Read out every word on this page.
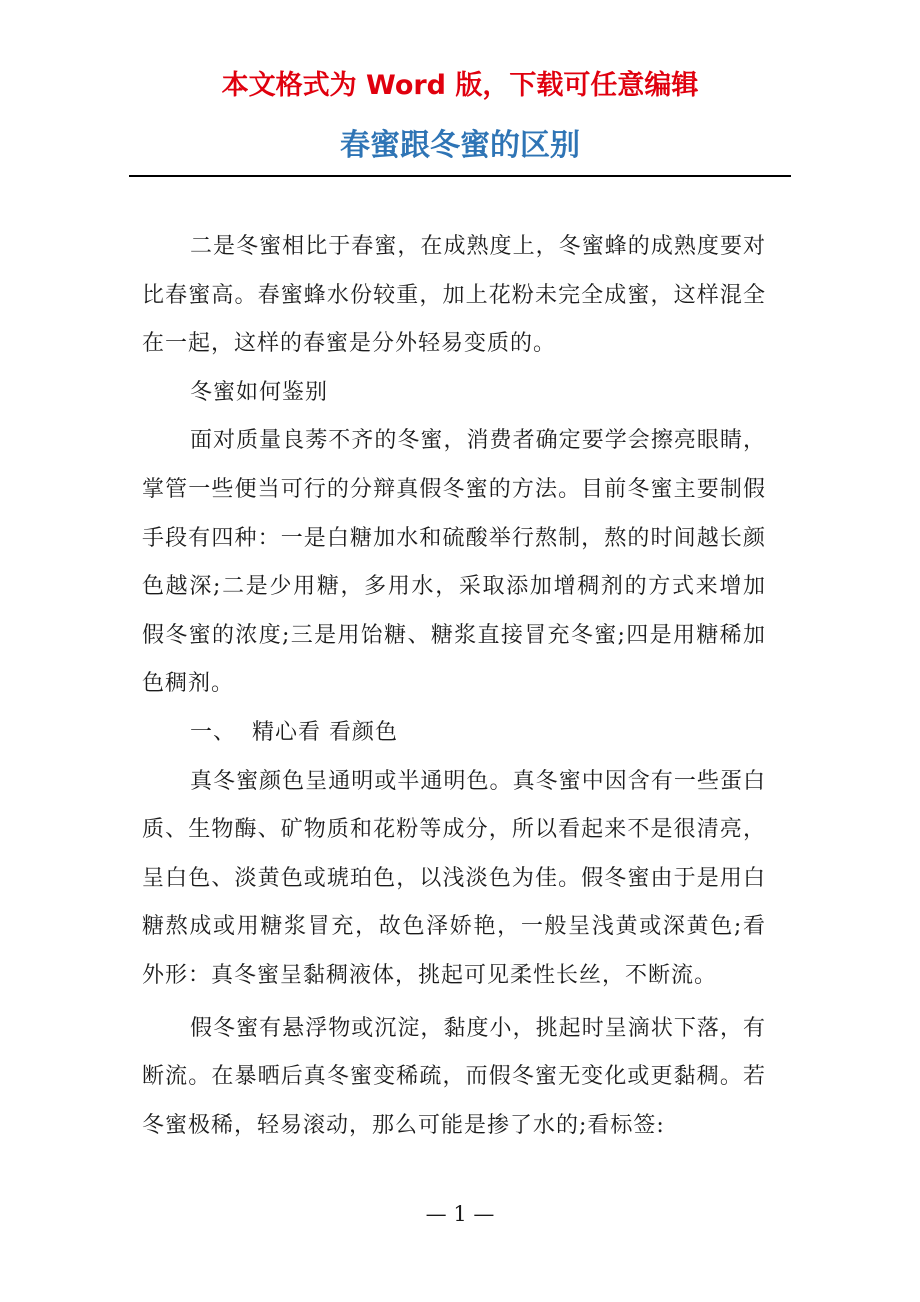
本文格式为 Word 版，下载可任意编辑

春蜜跟冬蜜的区别

二是冬蜜相比于春蜜，在成熟度上，冬蜜蜂的成熟度要对比春蜜高。春蜜蜂水份较重，加上花粉未完全成蜜，这样混全在一起，这样的春蜜是分外轻易变质的。

冬蜜如何鉴别

面对质量良莠不齐的冬蜜，消费者确定要学会擦亮眼睛，掌管一些便当可行的分辩真假冬蜜的方法。目前冬蜜主要制假手段有四种：一是白糖加水和硫酸举行熬制，熬的时间越长颜色越深;二是少用糖，多用水，采取添加增稠剂的方式来增加假冬蜜的浓度;三是用饴糖、糖浆直接冒充冬蜜;四是用糖稀加色稠剂。

一、  精心看 看颜色

真冬蜜颜色呈通明或半通明色。真冬蜜中因含有一些蛋白质、生物酶、矿物质和花粉等成分，所以看起来不是很清亮，呈白色、淡黄色或琥珀色，以浅淡色为佳。假冬蜜由于是用白糖熬成或用糖浆冒充，故色泽娇艳，一般呈浅黄或深黄色;看外形：真冬蜜呈黏稠液体，挑起可见柔性长丝，不断流。

假冬蜜有悬浮物或沉淀，黏度小，挑起时呈滴状下落，有断流。在暴晒后真冬蜜变稀疏，而假冬蜜无变化或更黏稠。若冬蜜极稀，轻易滚动，那么可能是掺了水的;看标签:

— 1 —
